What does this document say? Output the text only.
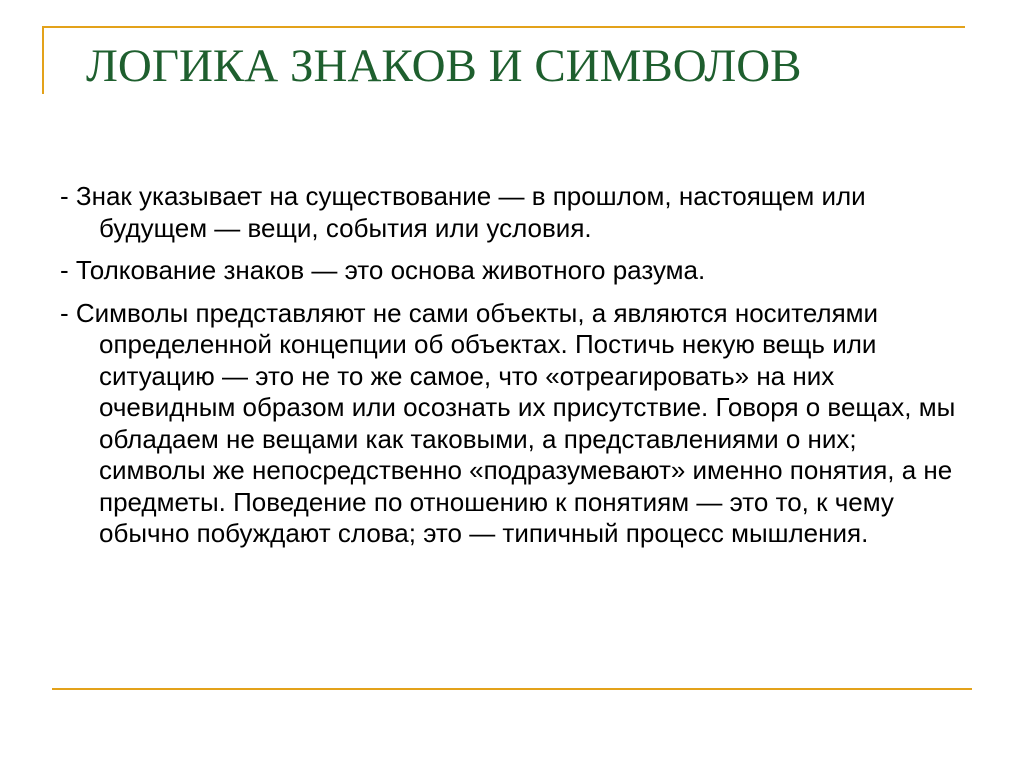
ЛОГИКА ЗНАКОВ И СИМВОЛОВ
- Знак указывает на существование — в прошлом, настоящем или будущем — вещи, события или условия.
- Толкование знаков — это основа животного разума.
- Символы представляют не сами объекты, а являются носителями определенной концепции об объектах. Постичь некую вещь или ситуацию — это не то же самое, что «отреагировать» на них очевидным образом или осознать их присутствие. Говоря о вещах, мы обладаем не вещами как таковыми, а представлениями о них; символы же непосредственно «подразумевают» именно понятия, а не предметы. Поведение по отношению к понятиям — это то, к чему обычно побуждают слова; это — типичный процесс мышления.
